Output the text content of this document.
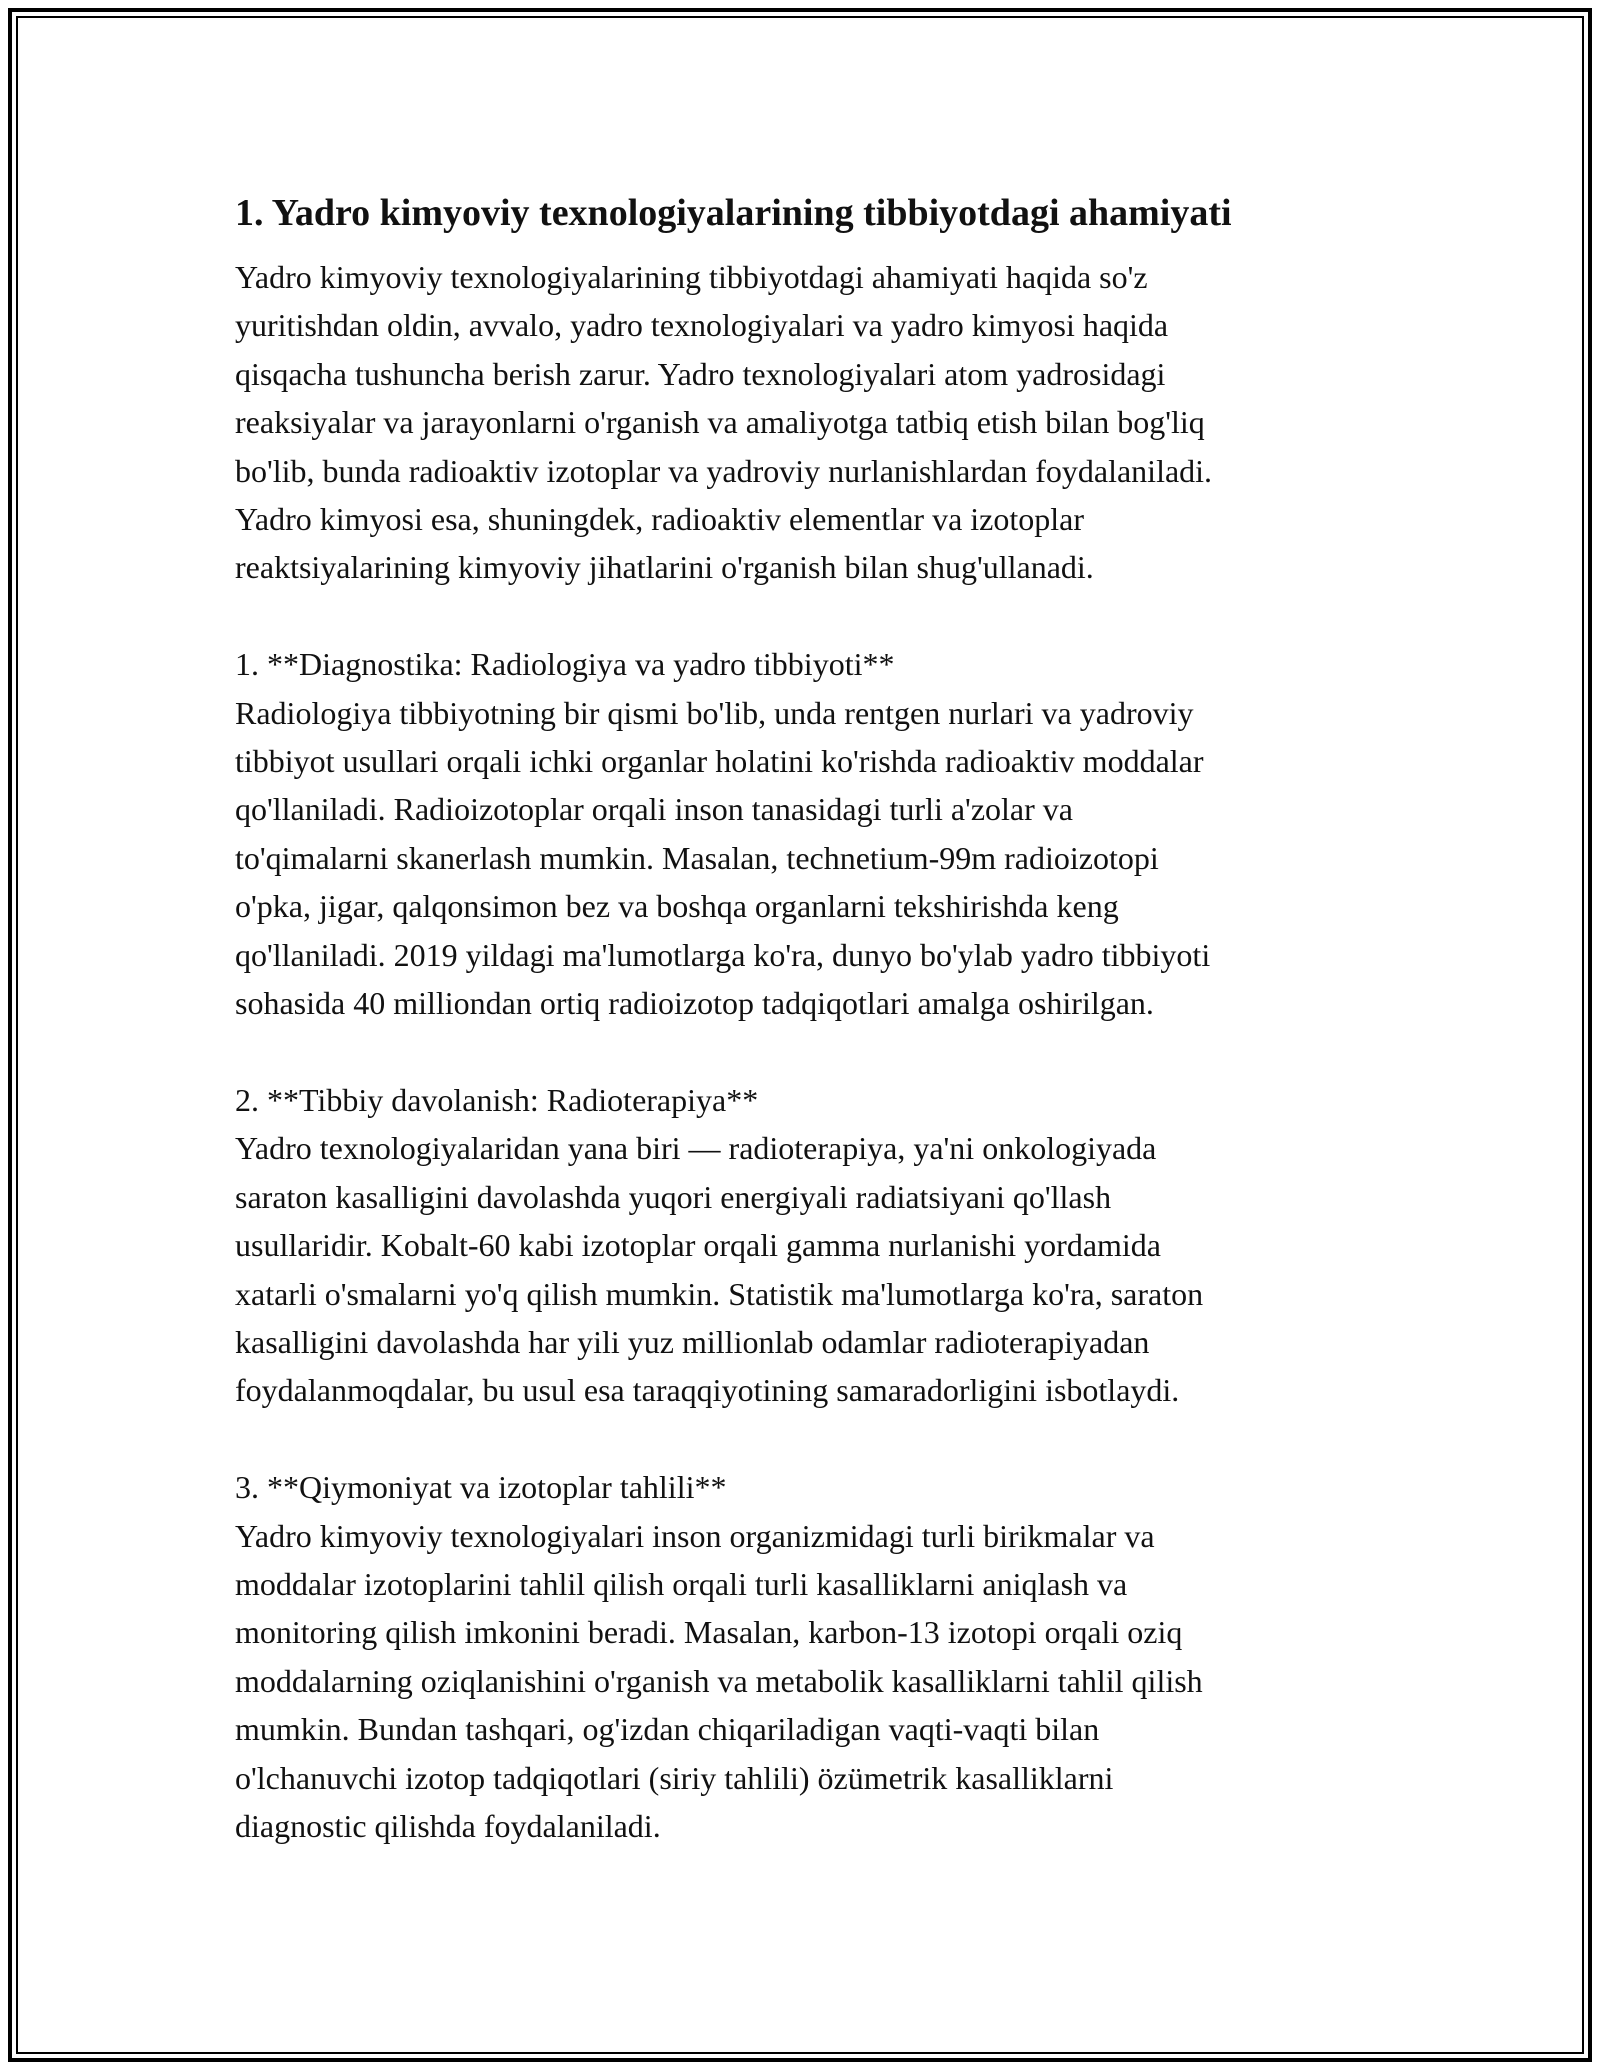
1. Yadro kimyoviy texnologiyalarining tibbiyotdagi ahamiyati
Yadro kimyoviy texnologiyalarining tibbiyotdagi ahamiyati haqida so'z
yuritishdan oldin, avvalo, yadro texnologiyalari va yadro kimyosi haqida
qisqacha tushuncha berish zarur. Yadro texnologiyalari atom yadrosidagi
reaksiyalar va jarayonlarni o'rganish va amaliyotga tatbiq etish bilan bog'liq
bo'lib, bunda radioaktiv izotoplar va yadroviy nurlanishlardan foydalaniladi.
Yadro kimyosi esa, shuningdek, radioaktiv elementlar va izotoplar
reaktsiyalarining kimyoviy jihatlarini o'rganish bilan shug'ullanadi.
1. **Diagnostika: Radiologiya va yadro tibbiyoti**
Radiologiya tibbiyotning bir qismi bo'lib, unda rentgen nurlari va yadroviy
tibbiyot usullari orqali ichki organlar holatini ko'rishda radioaktiv moddalar
qo'llaniladi. Radioizotoplar orqali inson tanasidagi turli a'zolar va
to'qimalarni skanerlash mumkin. Masalan, technetium-99m radioizotopi
o'pka, jigar, qalqonsimon bez va boshqa organlarni tekshirishda keng
qo'llaniladi. 2019 yildagi ma'lumotlarga ko'ra, dunyo bo'ylab yadro tibbiyoti
sohasida 40 milliondan ortiq radioizotop tadqiqotlari amalga oshirilgan.
2. **Tibbiy davolanish: Radioterapiya**
Yadro texnologiyalaridan yana biri — radioterapiya, ya'ni onkologiyada
saraton kasalligini davolashda yuqori energiyali radiatsiyani qo'llash
usullaridir. Kobalt-60 kabi izotoplar orqali gamma nurlanishi yordamida
xatarli o'smalarni yo'q qilish mumkin. Statistik ma'lumotlarga ko'ra, saraton
kasalligini davolashda har yili yuz millionlab odamlar radioterapiyadan
foydalanmoqdalar, bu usul esa taraqqiyotining samaradorligini isbotlaydi.
3. **Qiymoniyat va izotoplar tahlili**
Yadro kimyoviy texnologiyalari inson organizmidagi turli birikmalar va
moddalar izotoplarini tahlil qilish orqali turli kasalliklarni aniqlash va
monitoring qilish imkonini beradi. Masalan, karbon-13 izotopi orqali oziq
moddalarning oziqlanishini o'rganish va metabolik kasalliklarni tahlil qilish
mumkin. Bundan tashqari, og'izdan chiqariladigan vaqti-vaqti bilan
o'lchanuvchi izotop tadqiqotlari (siriy tahlili) özümetrik kasalliklarni
diagnostic qilishda foydalaniladi.
